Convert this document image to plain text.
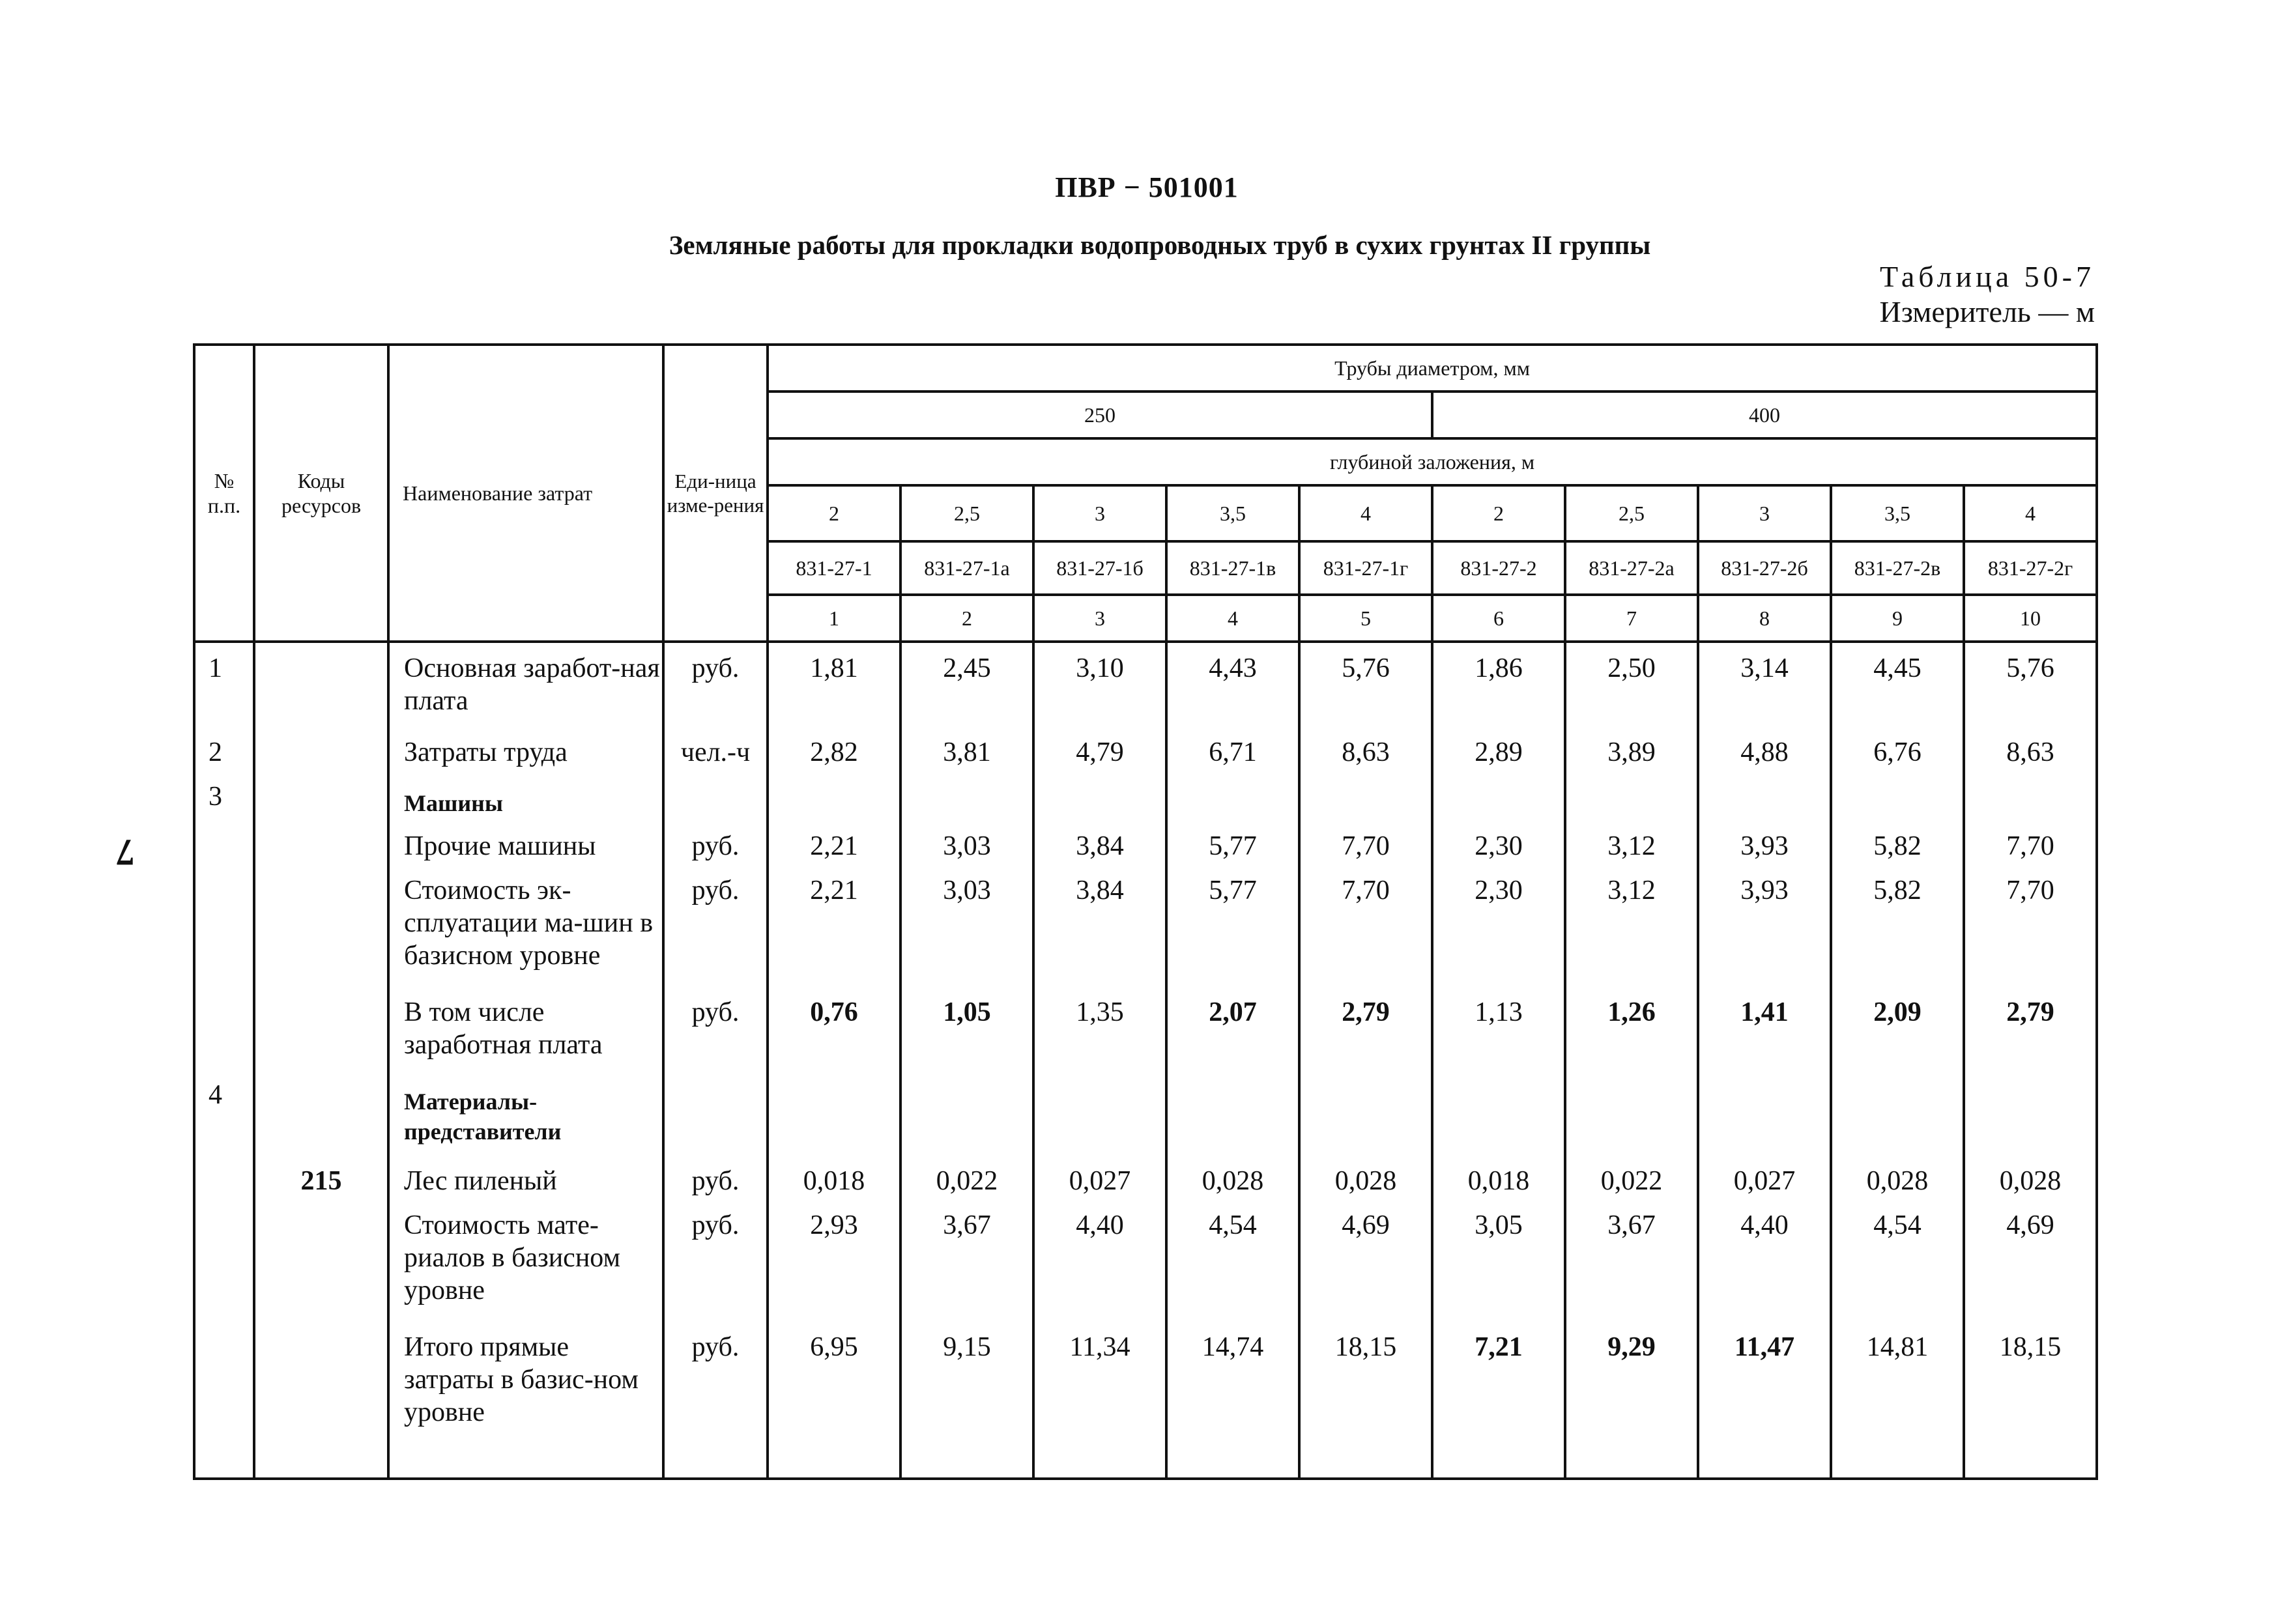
ПВР − 501001
Земляные работы для прокладки водопроводных труб в сухих грунтах II группы
Таблица 50-7
Измеритель — м
7
№ п.п.	Коды ресурсов	Наименование затрат	Еди-ница изме-рения	Трубы диаметром, мм									
				250					400				
				глубиной заложения, м									
				2	2,5	3	3,5	4	2	2,5	3	3,5	4
				831-27-1	831-27-1а	831-27-1б	831-27-1в	831-27-1г	831-27-2	831-27-2а	831-27-2б	831-27-2в	831-27-2г
				1	2	3	4	5	6	7	8	9	10
1		Основная заработ-ная плата	руб.	1,81	2,45	3,10	4,43	5,76	1,86	2,50	3,14	4,45	5,76
2		Затраты труда	чел.-ч	2,82	3,81	4,79	6,71	8,63	2,89	3,89	4,88	6,76	8,63
3		Машины											
		Прочие машины	руб.	2,21	3,03	3,84	5,77	7,70	2,30	3,12	3,93	5,82	7,70
		Стоимость эк-сплуатации ма-шин в базисном уровне	руб.	2,21	3,03	3,84	5,77	7,70	2,30	3,12	3,93	5,82	7,70
		В том числе заработная плата	руб.	0,76	1,05	1,35	2,07	2,79	1,13	1,26	1,41	2,09	2,79
4		Материалы-представители											
	215	Лес пиленый	руб.	0,018	0,022	0,027	0,028	0,028	0,018	0,022	0,027	0,028	0,028
		Стоимость мате-риалов в базисном уровне	руб.	2,93	3,67	4,40	4,54	4,69	3,05	3,67	4,40	4,54	4,69
		Итого прямые затраты в базис-ном уровне	руб.	6,95	9,15	11,34	14,74	18,15	7,21	9,29	11,47	14,81	18,15
